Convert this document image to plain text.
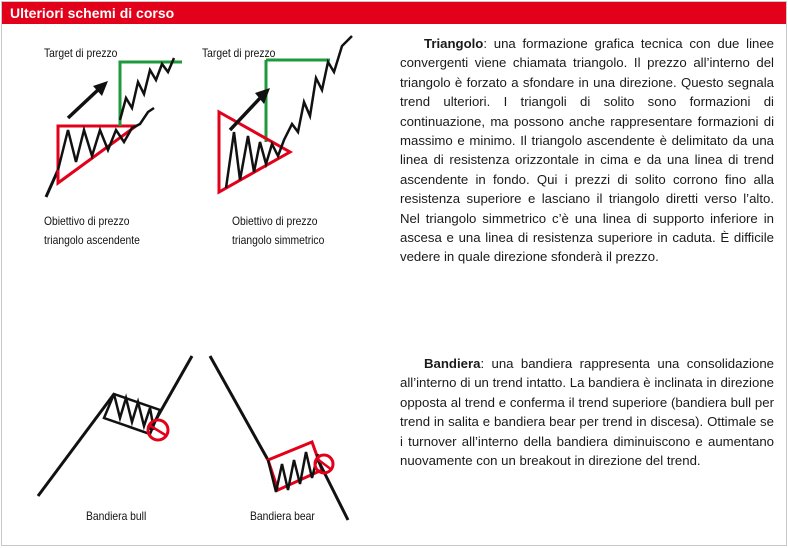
Ulteriori schemi di corso
Target di prezzo
Obiettivo di prezzo
triangolo ascendente
Target di prezzo
Obiettivo di prezzo
triangolo simmetrico
Bandiera bull	Bandiera bear

Triangolo: una formazione grafica tecnica con due linee convergenti viene chiamata triangolo. Il prezzo all’interno del triangolo è forzato a sfondare in una direzione. Questo segnala trend ulteriori. I triangoli di solito sono formazioni di continuazione, ma possono anche rappresentare formazioni di massimo e minimo. Il triangolo ascendente è delimitato da una linea di resistenza orizzontale in cima e da una linea di trend ascendente in fondo. Qui i prezzi di solito corrono fino alla resistenza superiore e lasciano il triangolo diretti verso l’alto. Nel triangolo simmetrico c’è una linea di supporto inferiore in ascesa e una linea di resistenza superiore in caduta. È difficile vedere in quale direzione sfonderà il prezzo.

Bandiera: una bandiera rappresenta una consolidazione all’interno di un trend intatto. La bandiera è inclinata in direzione opposta al trend e conferma il trend superiore (bandiera bull per trend in salita e bandiera bear per trend in discesa). Ottimale se i turnover all’interno della bandiera diminuiscono e aumentano nuovamente con un breakout in direzione del trend.
